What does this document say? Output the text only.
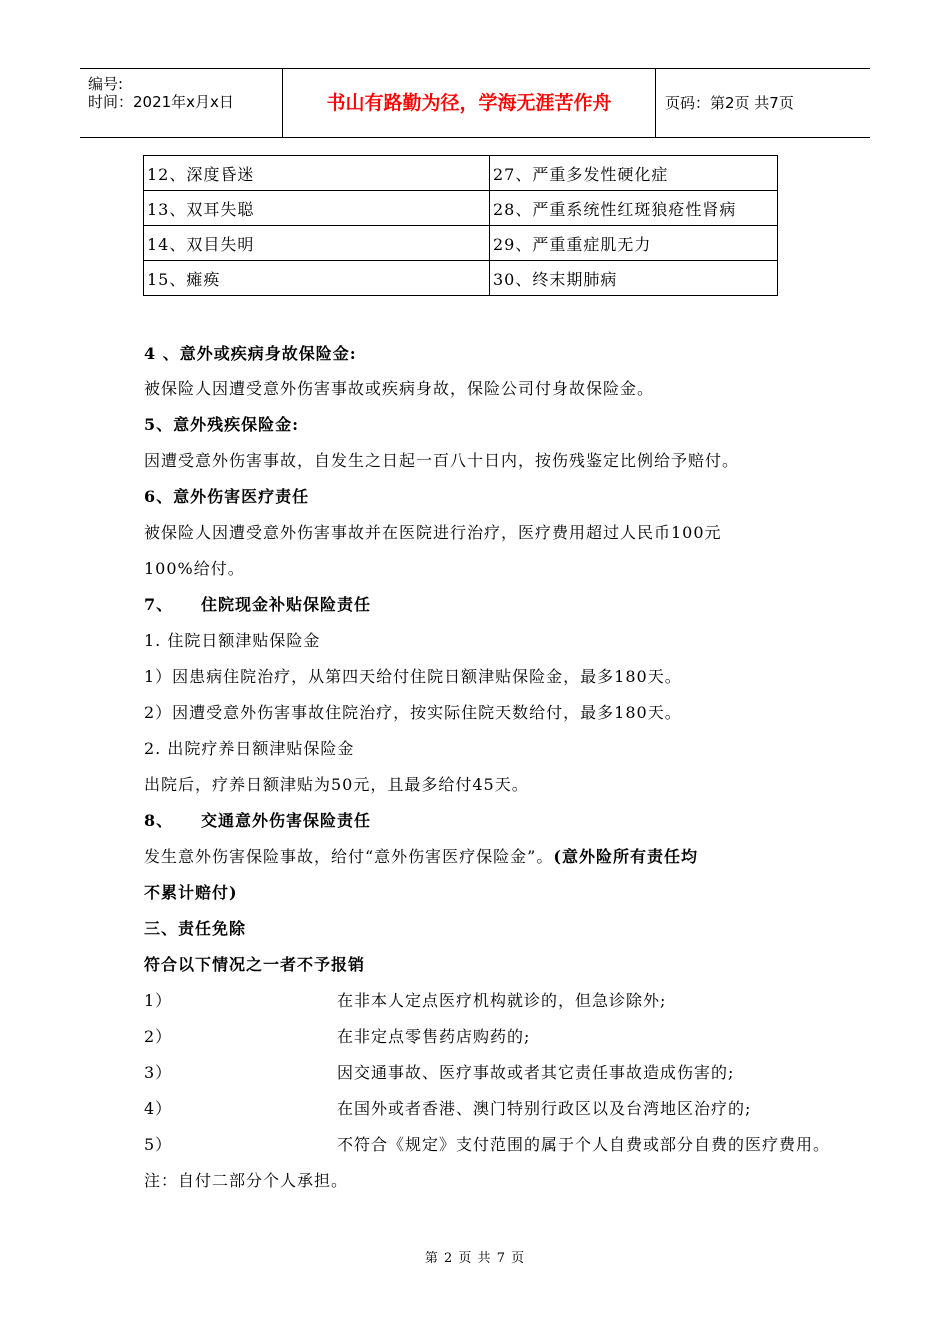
编号:
时间：2021年x月x日	书山有路勤为径，学海无涯苦作舟	页码：第2页 共7页
12、深度昏迷	27、严重多发性硬化症
13、双耳失聪	28、严重系统性红斑狼疮性肾病
14、双目失明	29、严重重症肌无力
15、瘫痪	30、终末期肺病
4 、意外或疾病身故保险金:
被保险人因遭受意外伤害事故或疾病身故，保险公司付身故保险金。
5、意外残疾保险金:
因遭受意外伤害事故，自发生之日起一百八十日内，按伤残鉴定比例给予赔付。
6、意外伤害医疗责任
被保险人因遭受意外伤害事故并在医院进行治疗，医疗费用超过人民币100元
100%给付。
7、 住院现金补贴保险责任
1. 住院日额津贴保险金
1）因患病住院治疗，从第四天给付住院日额津贴保险金，最多180天。
2）因遭受意外伤害事故住院治疗，按实际住院天数给付，最多180天。
2. 出院疗养日额津贴保险金
出院后，疗养日额津贴为50元，且最多给付45天。
8、 交通意外伤害保险责任
发生意外伤害保险事故，给付“意外伤害医疗保险金”。(意外险所有责任均
不累计赔付)
三、责任免除
符合以下情况之一者不予报销
1）	在非本人定点医疗机构就诊的，但急诊除外;
2）	在非定点零售药店购药的;
3）	因交通事故、医疗事故或者其它责任事故造成伤害的;
4）	在国外或者香港、澳门特别行政区以及台湾地区治疗的;
5）	不符合《规定》支付范围的属于个人自费或部分自费的医疗费用。
注：自付二部分个人承担。
第 2 页 共 7 页
